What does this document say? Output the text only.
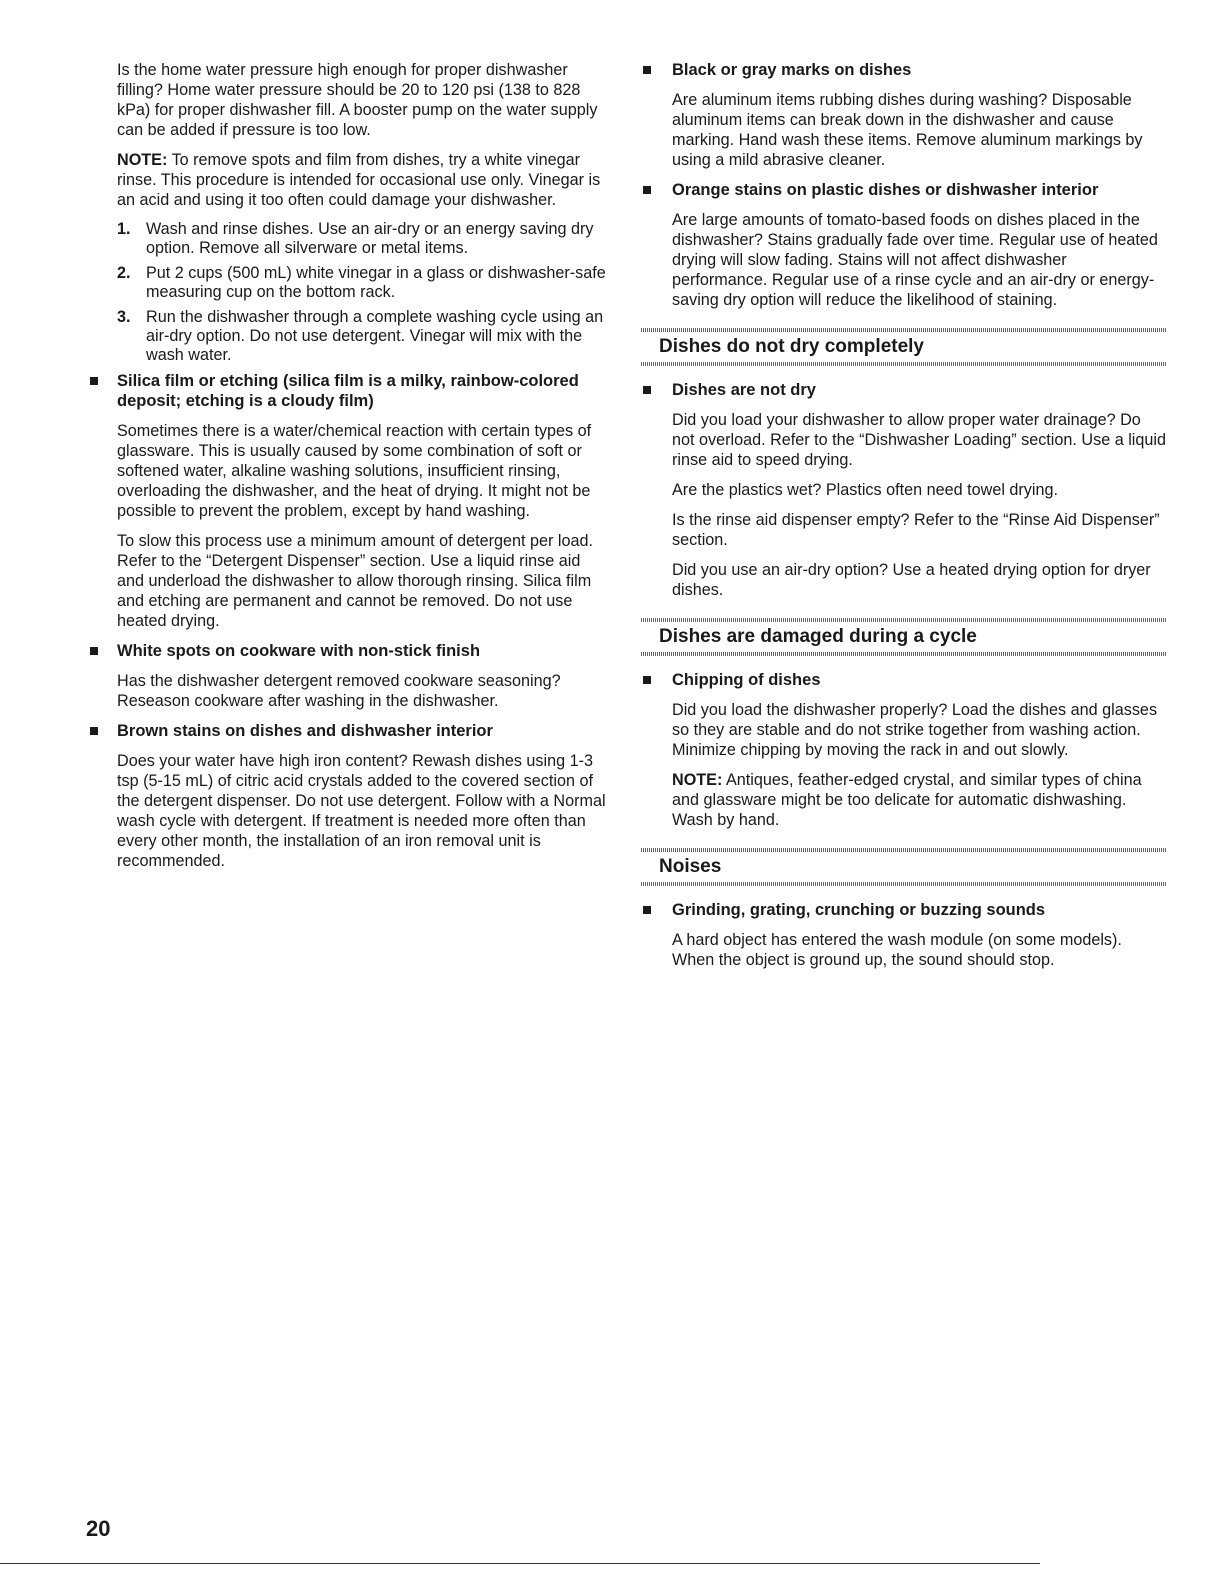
Is the home water pressure high enough for proper dishwasher filling? Home water pressure should be 20 to 120 psi (138 to 828 kPa) for proper dishwasher fill. A booster pump on the water supply can be added if pressure is too low.

NOTE: To remove spots and film from dishes, try a white vinegar rinse. This procedure is intended for occasional use only. Vinegar is an acid and using it too often could damage your dishwasher.

1. Wash and rinse dishes. Use an air-dry or an energy saving dry option. Remove all silverware or metal items.
2. Put 2 cups (500 mL) white vinegar in a glass or dishwasher-safe measuring cup on the bottom rack.
3. Run the dishwasher through a complete washing cycle using an air-dry option. Do not use detergent. Vinegar will mix with the wash water.
Silica film or etching (silica film is a milky, rainbow-colored deposit; etching is a cloudy film)

Sometimes there is a water/chemical reaction with certain types of glassware. This is usually caused by some combination of soft or softened water, alkaline washing solutions, insufficient rinsing, overloading the dishwasher, and the heat of drying. It might not be possible to prevent the problem, except by hand washing.

To slow this process use a minimum amount of detergent per load. Refer to the “Detergent Dispenser” section. Use a liquid rinse aid and underload the dishwasher to allow thorough rinsing. Silica film and etching are permanent and cannot be removed. Do not use heated drying.

White spots on cookware with non-stick finish

Has the dishwasher detergent removed cookware seasoning? Reseason cookware after washing in the dishwasher.

Brown stains on dishes and dishwasher interior

Does your water have high iron content? Rewash dishes using 1-3 tsp (5-15 mL) of citric acid crystals added to the covered section of the detergent dispenser. Do not use detergent. Follow with a Normal wash cycle with detergent. If treatment is needed more often than every other month, the installation of an iron removal unit is recommended.

Black or gray marks on dishes

Are aluminum items rubbing dishes during washing? Disposable aluminum items can break down in the dishwasher and cause marking. Hand wash these items. Remove aluminum markings by using a mild abrasive cleaner.

Orange stains on plastic dishes or dishwasher interior

Are large amounts of tomato-based foods on dishes placed in the dishwasher? Stains gradually fade over time. Regular use of heated drying will slow fading. Stains will not affect dishwasher performance. Regular use of a rinse cycle and an air-dry or energy-saving dry option will reduce the likelihood of staining.

Dishes do not dry completely
Dishes are not dry

Did you load your dishwasher to allow proper water drainage? Do not overload. Refer to the “Dishwasher Loading” section. Use a liquid rinse aid to speed drying.

Are the plastics wet? Plastics often need towel drying.

Is the rinse aid dispenser empty? Refer to the “Rinse Aid Dispenser” section.

Did you use an air-dry option? Use a heated drying option for dryer dishes.

Dishes are damaged during a cycle
Chipping of dishes

Did you load the dishwasher properly? Load the dishes and glasses so they are stable and do not strike together from washing action. Minimize chipping by moving the rack in and out slowly.

NOTE: Antiques, feather-edged crystal, and similar types of china and glassware might be too delicate for automatic dishwashing. Wash by hand.

Noises
Grinding, grating, crunching or buzzing sounds

A hard object has entered the wash module (on some models). When the object is ground up, the sound should stop.

20
